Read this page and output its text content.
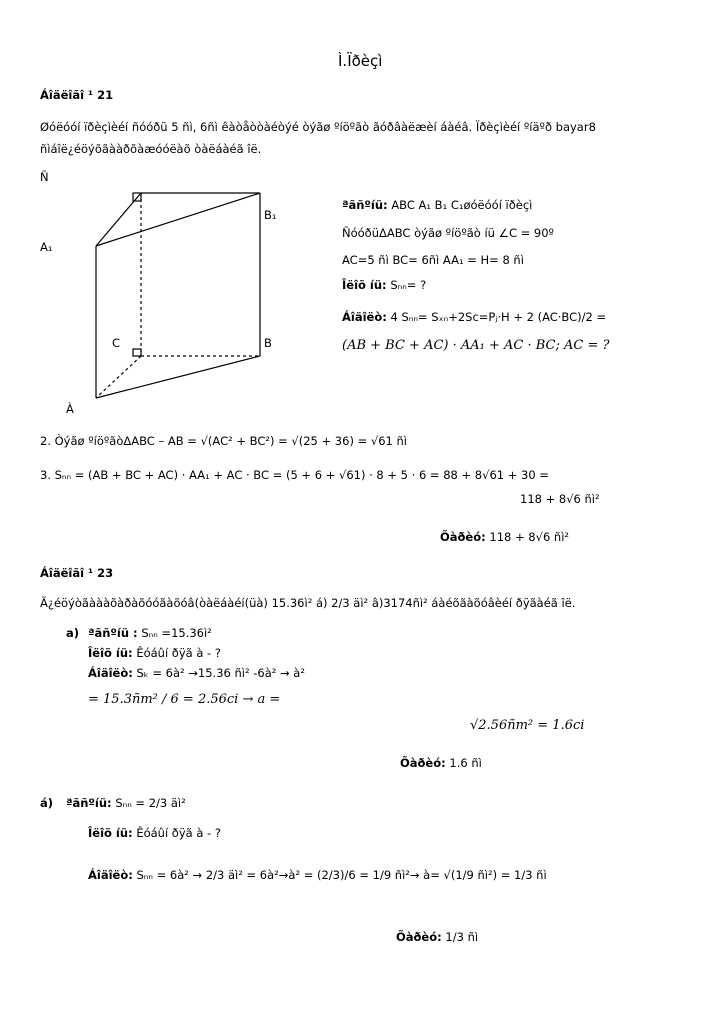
Ì.Ïðèçì
Áîäëîãî ¹ 21
Øóëóóí ïðèçìèéí ñóóðü 5 ñì, 6ñì êàòåòòàéòýé òýãø ºíöºãò ãóðâàëæèí áàéâ. Ïðèçìèéí ºíäºð bayar8
ñìáîë¿éöýõãààðõàæóóëàõ òàëáàéã îë.
Ñ
B₁
A₁
C	B
À
ªãñºíü: ABC A₁ B₁ C₁øóëóóí ïðèçì
ÑóóðüΔABC òýãø ºíöºãò íü ∠C = 90º
AC=5 ñì BC= 6ñì AA₁ = H= 8 ñì
Îëîõ íü: Sₙₙ= ?
Áîäîëò: 4 Sₙₙ= Sₓₙ+2Sc=Pⱼ·H + 2 (AC·BC)/2 =
(AB + BC + AC) · AA₁ + AC · BC; AC = ?
2. Òýãø ºíöºãòΔABC – AB = √(AC² + BC²) = √(25 + 36) = √61 ñì
3. Sₙₙ = (AB + BC + AC) · AA₁ + AC · BC = (5 + 6 + √61) · 8 + 5 · 6 = 88 + 8√61 + 30 =
118 + 8√6 ñì²
Õàðèó: 118 + 8√6 ñì²
Áîäëîãî ¹ 23
Ã¿éöýòãàààõàðàõóóãàõóâ(òàëáàéí(üà) 15.36ì² á) 2/3 äì² â)3174ñì² áàéõãàõóâèéí ðÿãàéã îë.
a) ªãñºíü : Sₙₙ =15.36ì²
Îëîõ íü: Êóáûí ðÿã à - ?
Áîäîëò: Sₖ = 6à² →15.36 ñì² -6à² → à²
= 15.3ñm² / 6 = 2.56ci → a =
√2.56ñm² = 1.6ci
Õàðèó: 1.6 ñì
á) ªãñºíü: Sₙₙ = 2/3 äì²
Îëîõ íü: Êóáûí ðÿã à - ?
Áîäîëò: Sₙₙ = 6à² → 2/3 äì² = 6à²→à² = (2/3)/6 = 1/9 ñì²→ à= √(1/9 ñì²) = 1/3 ñì
Õàðèó: 1/3 ñì
